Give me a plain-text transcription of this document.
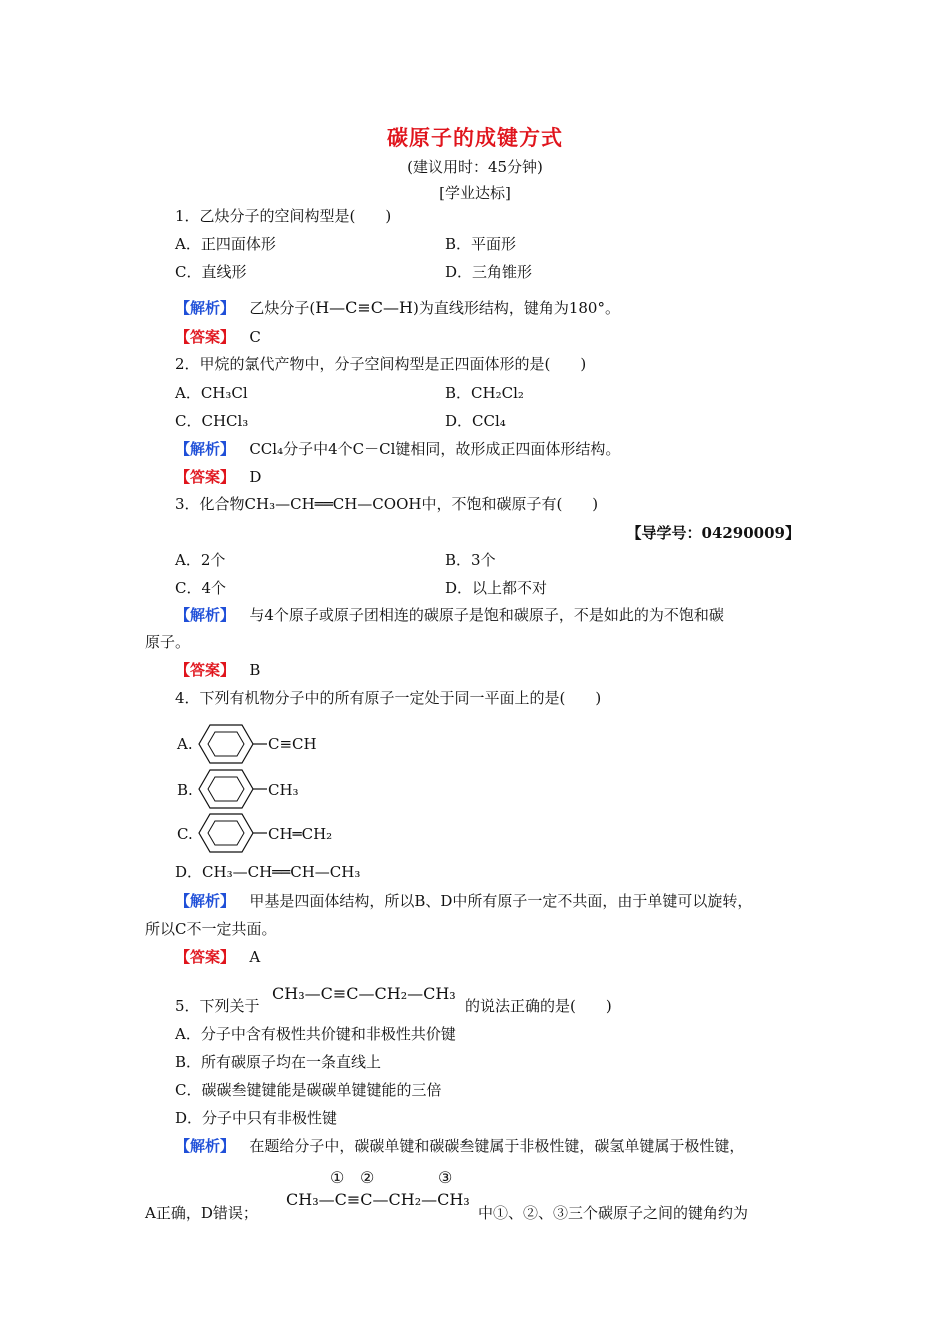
碳原子的成键方式
(建议用时：45分钟)
[学业达标]
1．乙炔分子的空间构型是(　　)
A．正四面体形	B．平面形
C．直线形	D．三角锥形
【解析】 乙炔分子(H—C≡C—H)为直线形结构，键角为180°。
【答案】 C
2．甲烷的氯代产物中，分子空间构型是正四面体形的是(　　)
A．CH₃Cl	B．CH₂Cl₂
C．CHCl₃	D．CCl₄
【解析】 CCl₄分子中4个C－Cl键相同，故形成正四面体形结构。
【答案】 D
3．化合物CH₃—CH══CH—COOH中，不饱和碳原子有(　　)
【导学号：04290009】
A．2个	B．3个
C．4个	D．以上都不对
【解析】 与4个原子或原子团相连的碳原子是饱和碳原子，不是如此的为不饱和碳
原子。
【答案】 B
4．下列有机物分子中的所有原子一定处于同一平面上的是(　　)
A.	C≡CH
B.	CH₃
C.	CH═CH₂
D．CH₃—CH══CH—CH₃
【解析】 甲基是四面体结构，所以B、D中所有原子一定不共面，由于单键可以旋转，
所以C不一定共面。
【答案】 A
5．下列关于
CH₃—C≡C—CH₂—CH₃
的说法正确的是(　　)
A．分子中含有极性共价键和非极性共价键
B．所有碳原子均在一条直线上
C．碳碳叁键键能是碳碳单键键能的三倍
D．分子中只有非极性键
【解析】 在题给分子中，碳碳单键和碳碳叁键属于非极性键，碳氢单键属于极性键，
A正确，D错误；
① ②	③
CH₃—C≡C—CH₂—CH₃
中①、②、③三个碳原子之间的键角约为
